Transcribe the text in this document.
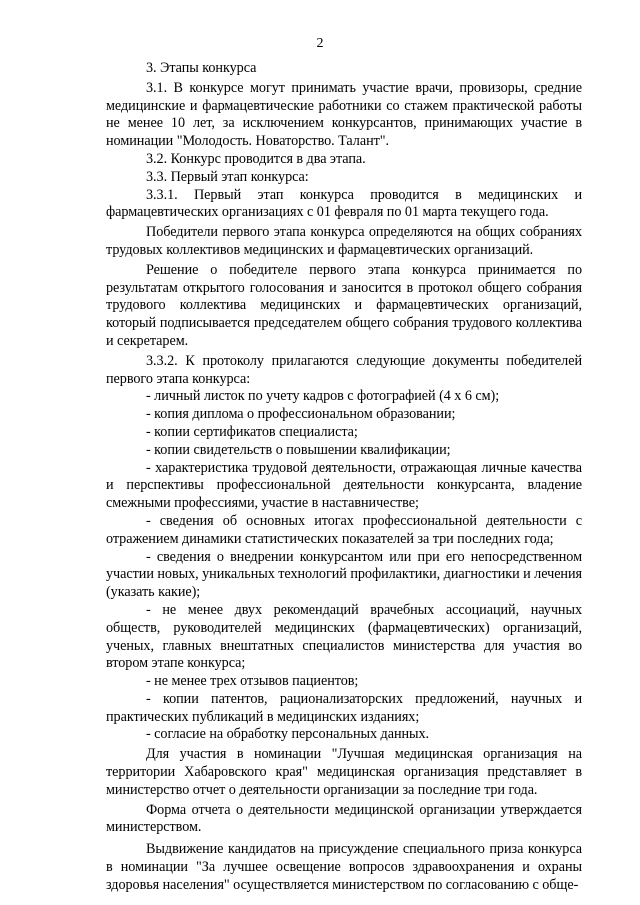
2

3. Этапы конкурса

3.1. В конкурсе могут принимать участие врачи, провизоры, средние медицинские и фармацевтические работники со стажем практической работы не менее 10 лет, за исключением конкурсантов, принимающих участие в номинации "Молодость. Новаторство. Талант".

3.2. Конкурс проводится в два этапа.

3.3. Первый этап конкурса:

3.3.1. Первый этап конкурса проводится в медицинских и фармацевтических организациях с 01 февраля по 01 марта текущего года.

Победители первого этапа конкурса определяются на общих собраниях трудовых коллективов медицинских и фармацевтических организаций.

Решение о победителе первого этапа конкурса принимается по результатам открытого голосования и заносится в протокол общего собрания трудового коллектива медицинских и фармацевтических организаций, который подписывается председателем общего собрания трудового коллектива и секретарем.

3.3.2. К протоколу прилагаются следующие документы победителей первого этапа конкурса:

- личный листок по учету кадров с фотографией (4 х 6 см);

- копия диплома о профессиональном образовании;

- копии сертификатов специалиста;

- копии свидетельств о повышении квалификации;

- характеристика трудовой деятельности, отражающая личные качества и перспективы профессиональной деятельности конкурсанта, владение смежными профессиями, участие в наставничестве;

- сведения об основных итогах профессиональной деятельности с отражением динамики статистических показателей за три последних года;

- сведения о внедрении конкурсантом или при его непосредственном участии новых, уникальных технологий профилактики, диагностики и лечения (указать какие);

- не менее двух рекомендаций врачебных ассоциаций, научных обществ, руководителей медицинских (фармацевтических) организаций, ученых, главных внештатных специалистов министерства для участия во втором этапе конкурса;

- не менее трех отзывов пациентов;

- копии патентов, рационализаторских предложений, научных и практических публикаций в медицинских изданиях;

- согласие на обработку персональных данных.

Для участия в номинации "Лучшая медицинская организация на территории Хабаровского края" медицинская организация представляет в министерство отчет о деятельности организации за последние три года.

Форма отчета о деятельности медицинской организации утверждается министерством.

Выдвижение кандидатов на присуждение специального приза конкурса в номинации "За лучшее освещение вопросов здравоохранения и охраны здоровья населения" осуществляется министерством по согласованию с обще-
